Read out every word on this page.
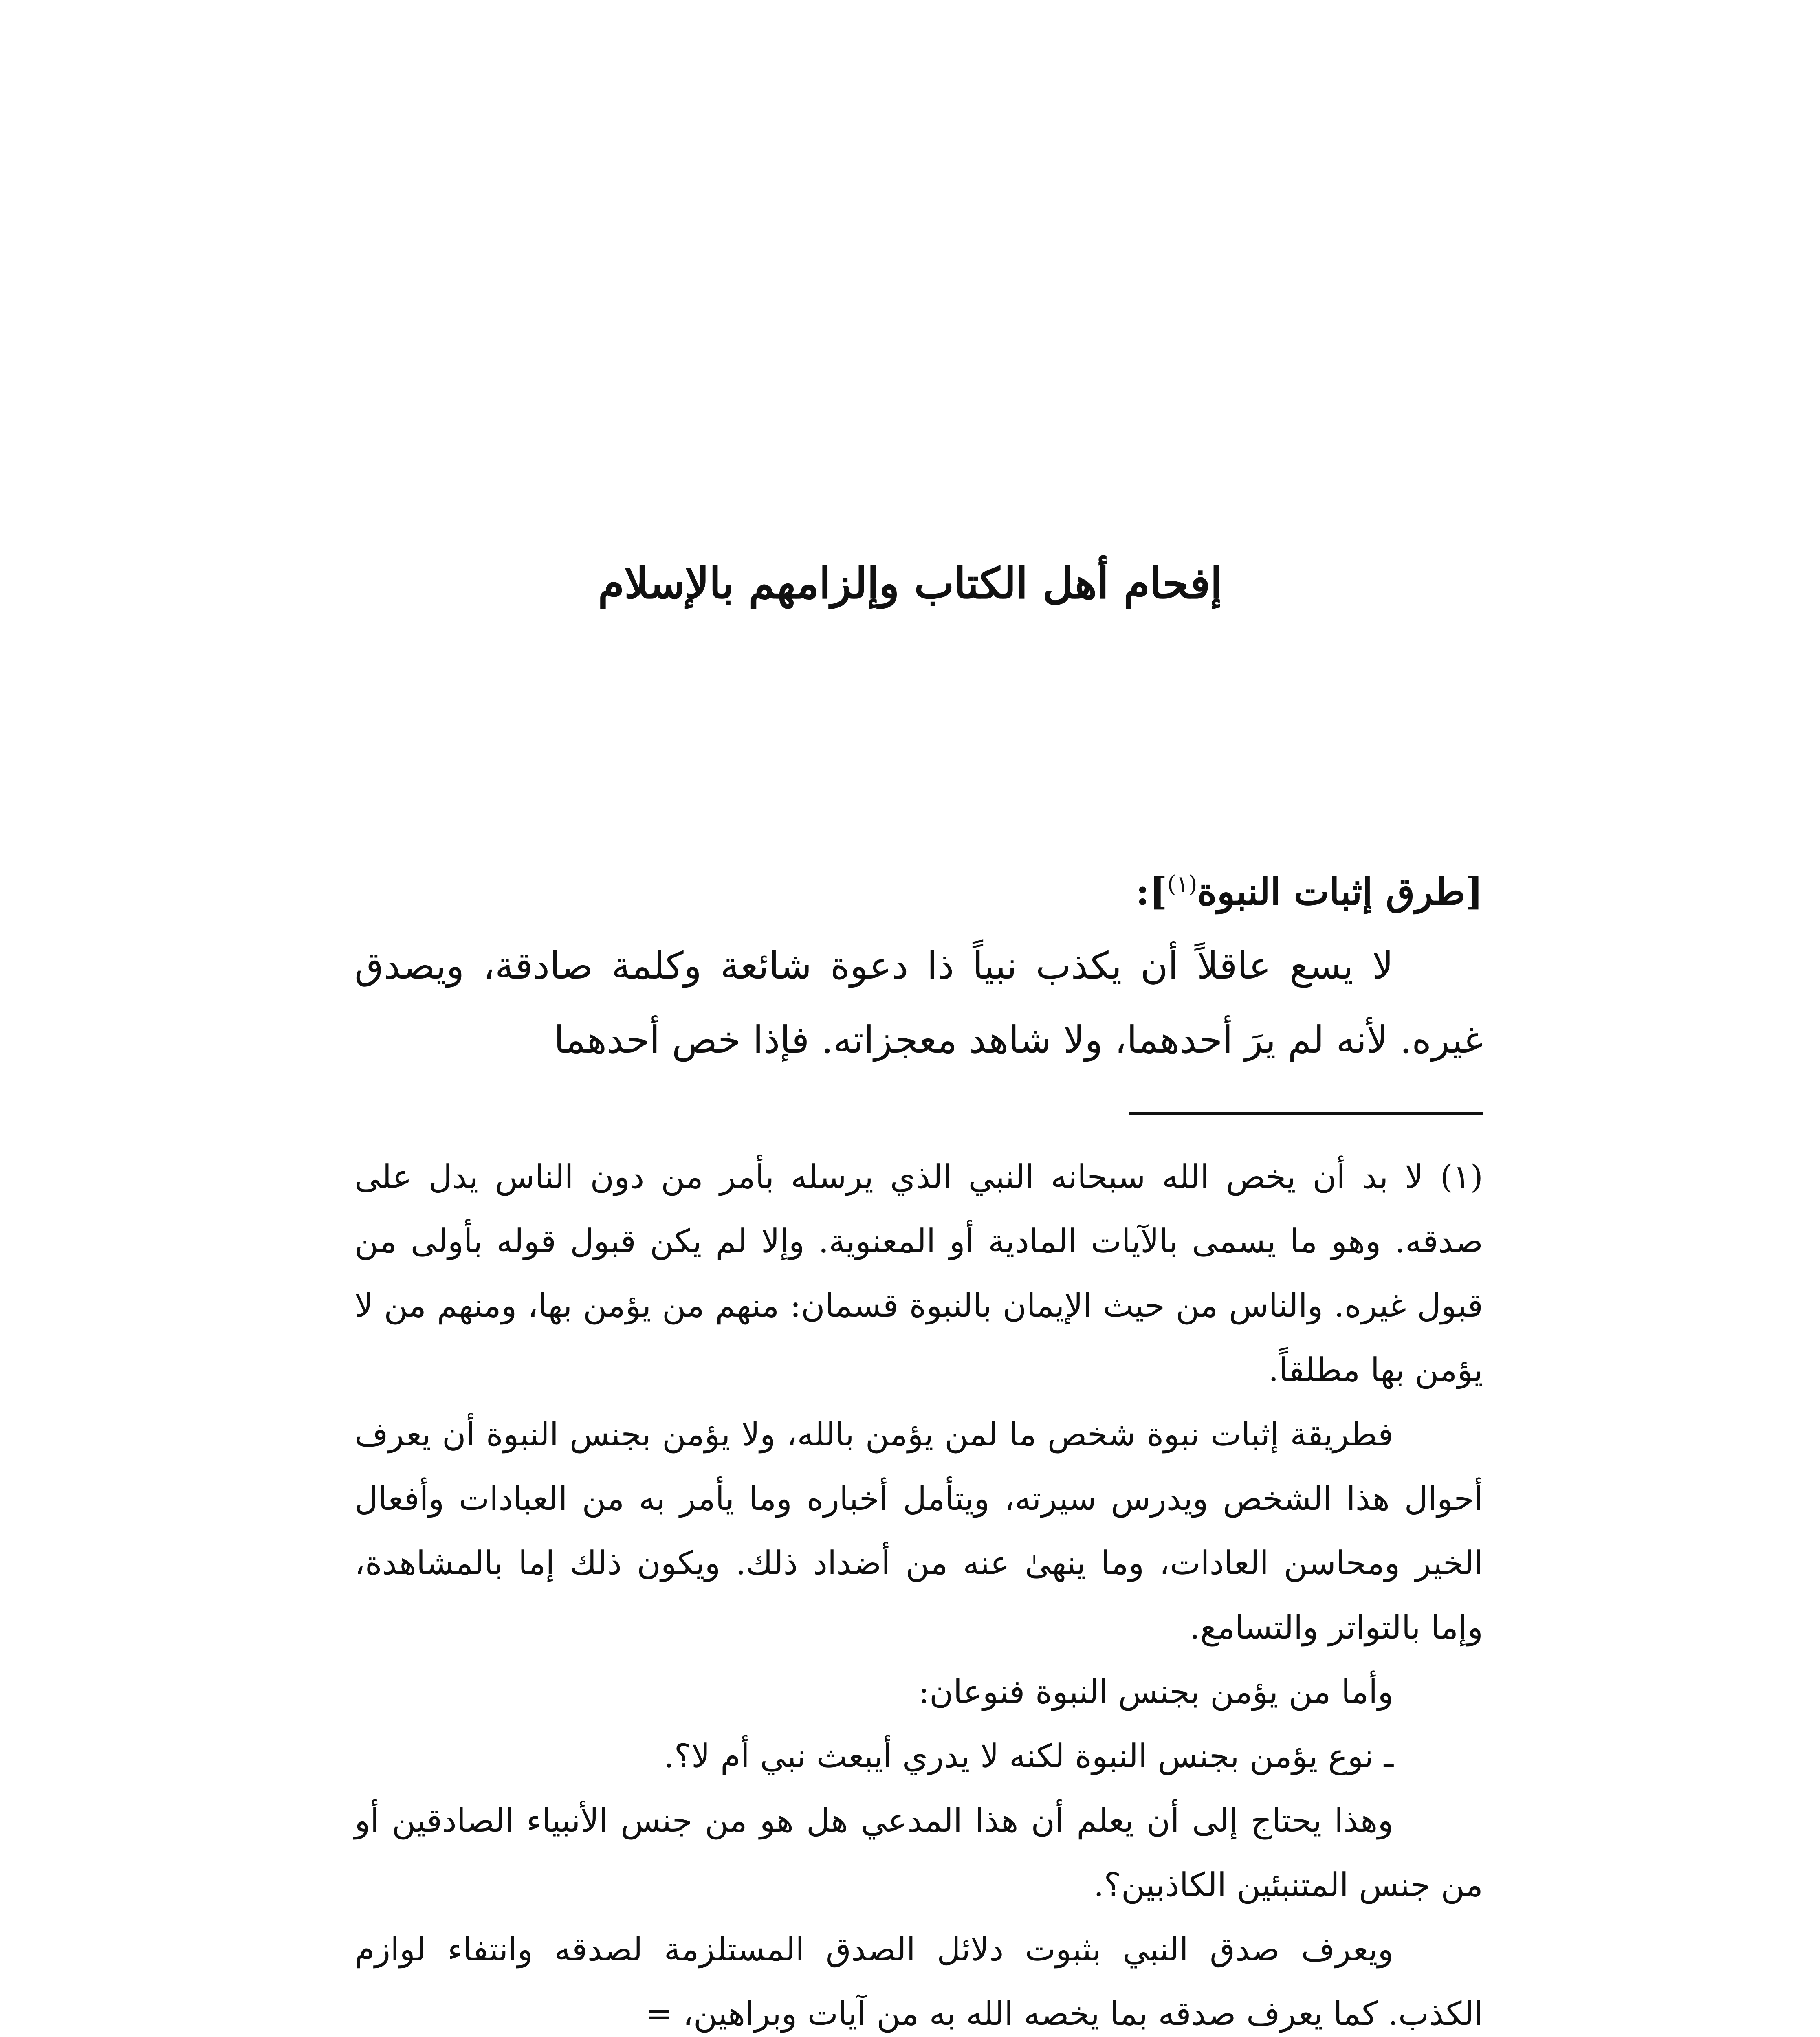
إفحام أهل الكتاب وإلزامهم بالإسلام

[طرق إثبات النبوة$^{(١)}$]:

لا يسع عاقلاً أن يكذب نبياً ذا دعوة شائعة وكلمة صادقة، ويصدق غيره. لأنه لم يرَ أحدهما، ولا شاهد معجزاته. فإذا خص أحدهما

(١) لا بد أن يخص الله سبحانه النبي الذي يرسله بأمر من دون الناس يدل على صدقه. وهو ما يسمى بالآيات المادية أو المعنوية. وإلا لم يكن قبول قوله بأولى من قبول غيره. والناس من حيث الإيمان بالنبوة قسمان: منهم من يؤمن بها، ومنهم من لا يؤمن بها مطلقاً.

فطريقة إثبات نبوة شخص ما لمن يؤمن بالله، ولا يؤمن بجنس النبوة أن يعرف أحوال هذا الشخص ويدرس سيرته، ويتأمل أخباره وما يأمر به من العبادات وأفعال الخير ومحاسن العادات، وما ينهىٰ عنه من أضداد ذلك. ويكون ذلك إما بالمشاهدة، وإما بالتواتر والتسامع.

وأما من يؤمن بجنس النبوة فنوعان:

ـ نوع يؤمن بجنس النبوة لكنه لا يدري أيبعث نبي أم لا؟.

وهذا يحتاج إلى أن يعلم أن هذا المدعي هل هو من جنس الأنبياء الصادقين أو من جنس المتنبئين الكاذبين؟.

ويعرف صدق النبي بثبوت دلائل الصدق المستلزمة لصدقه وانتفاء لوازم الكذب. كما يعرف صدقه بما يخصه الله به من آيات وبراهين، =
